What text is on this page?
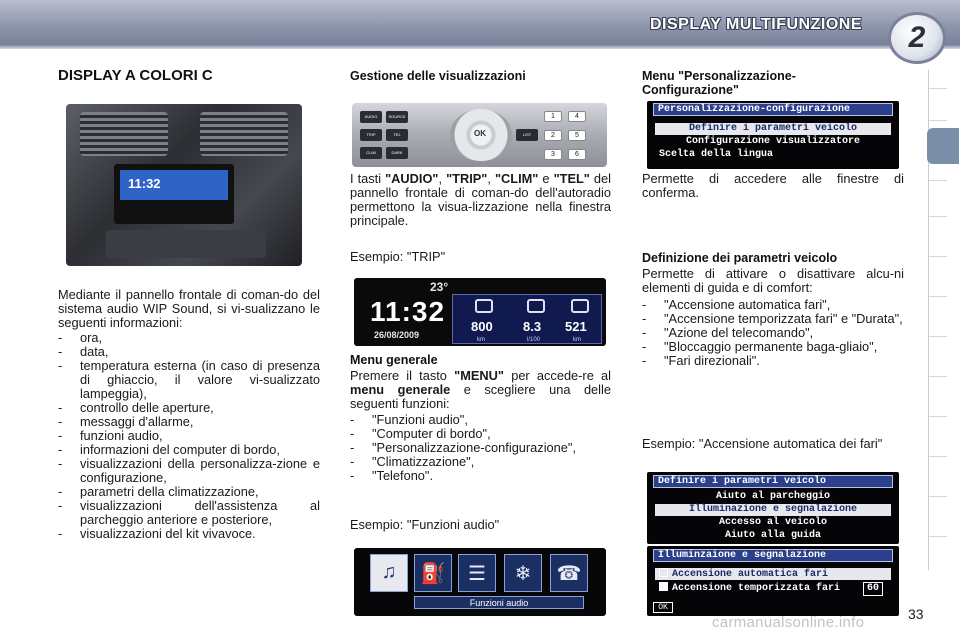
DISPLAY MULTIFUNZIONE 2
DISPLAY A COLORI C
11:32
Mediante il pannello frontale di coman-do del sistema audio WIP Sound, si vi-sualizzano le seguenti informazioni:
- ora,
- data,
- temperatura esterna (in caso di presenza di ghiaccio, il valore vi-sualizzato lampeggia),
- controllo delle aperture,
- messaggi d'allarme,
- funzioni audio,
- informazioni del computer di bordo,
- visualizzazioni della personalizza-zione e configurazione,
- parametri della climatizzazione,
- visualizzazioni dell'assistenza al parcheggio anteriore e posteriore,
- visualizzazioni del kit vivavoce.
Gestione delle visualizzazioni
AUDIO	SOURCE
TRIP	TEL
CLIM	DARK
OK	LIST
1	4
2	5
3	6
I tasti "AUDIO", "TRIP", "CLIM" e "TEL" del pannello frontale di coman-do dell'autoradio permettono la visua-lizzazione nella finestra principale.
Esempio: "TRIP"
23°
11:32
26/08/2009
800 8.3 521
km	l/100	km
Menu generale
Premere il tasto "MENU" per accede-re al menu generale e scegliere una delle seguenti funzioni:
- "Funzioni audio",
- "Computer di bordo",
- "Personalizzazione-configurazione",
- "Climatizzazione",
- "Telefono".
Esempio: "Funzioni audio"
♫	⛽	☰	❄	☎
Funzioni audio
Menu "Personalizzazione-Configurazione"
Personalizzazione-configurazione
Definire i parametri veicolo
Configurazione visualizzatore
Scelta della lingua
Permette di accedere alle finestre di conferma.
Definizione dei parametri veicolo
Permette di attivare o disattivare alcu-ni elementi di guida e di comfort:
- "Accensione automatica fari",
- "Accensione temporizzata fari" e "Durata",
- "Azione del telecomando",
- "Bloccaggio permanente baga-gliaio",
- "Fari direzionali".
Esempio: "Accensione automatica dei fari"
Definire i parametri veicolo
Aiuto al parcheggio
Illuminazione e segnalazione
Accesso al veicolo
Aiuto alla guida
Illuminzaione e segnalazione
Accensione automatica fari
Accensione temporizzata fari	60
OK
carmanualsonline.info	33
